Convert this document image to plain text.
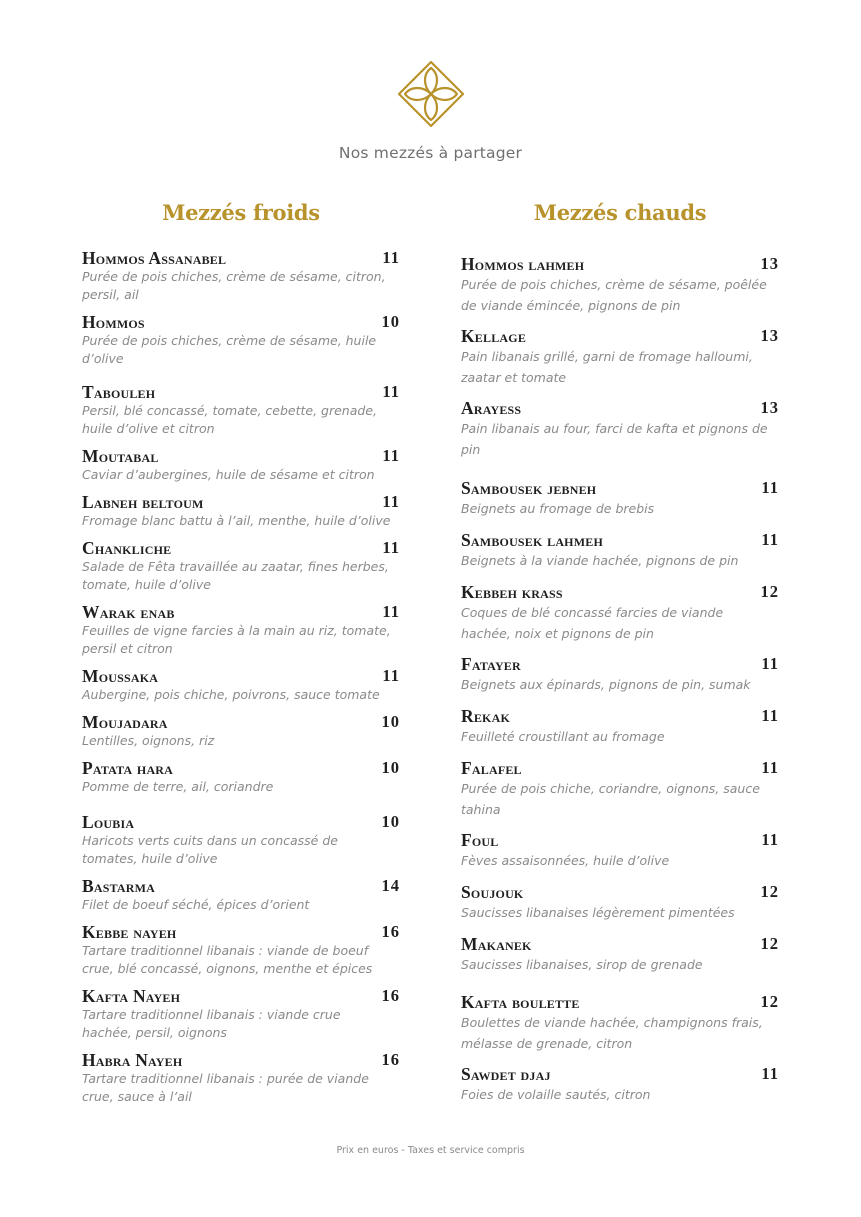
Nos mezzés à partager
Mezzés froids
Hommos Assanabel	11
Purée de pois chiches, crème de sésame, citron, persil, ail
Hommos	10
Purée de pois chiches, crème de sésame, huile d’olive
Tabouleh	11
Persil, blé concassé, tomate, cebette, grenade, huile d’olive et citron
Moutabal	11
Caviar d’aubergines, huile de sésame et citron
Labneh beltoum	11
Fromage blanc battu à l’ail, menthe, huile d’olive
Chankliche	11
Salade de Fêta travaillée au zaatar, fines herbes, tomate, huile d’olive
Warak enab	11
Feuilles de vigne farcies à la main au riz, tomate, persil et citron
Moussaka	11
Aubergine, pois chiche, poivrons, sauce tomate
Moujadara	10
Lentilles, oignons, riz
Patata hara	10
Pomme de terre, ail, coriandre
Loubia	10
Haricots verts cuits dans un concassé de tomates, huile d’olive
Bastarma	14
Filet de boeuf séché, épices d’orient
Kebbe nayeh	16
Tartare traditionnel libanais : viande de boeuf crue, blé concassé, oignons, menthe et épices
Kafta Nayeh	16
Tartare traditionnel libanais : viande crue hachée, persil, oignons
Habra Nayeh	16
Tartare traditionnel libanais : purée de viande crue, sauce à l’ail
Mezzés chauds
Hommos lahmeh	13
Purée de pois chiches, crème de sésame, poêlée de viande émincée, pignons de pin
Kellage	13
Pain libanais grillé, garni de fromage halloumi, zaatar et tomate
Arayess	13
Pain libanais au four, farci de kafta et pignons de pin
Sambousek jebneh	11
Beignets au fromage de brebis
Sambousek lahmeh	11
Beignets à la viande hachée, pignons de pin
Kebbeh krass	12
Coques de blé concassé farcies de viande hachée, noix et pignons de pin
Fatayer	11
Beignets aux épinards, pignons de pin, sumak
Rekak	11
Feuilleté croustillant au fromage
Falafel	11
Purée de pois chiche, coriandre, oignons, sauce tahina
Foul	11
Fèves assaisonnées, huile d’olive
Soujouk	12
Saucisses libanaises légèrement pimentées
Makanek	12
Saucisses libanaises, sirop de grenade
Kafta boulette	12
Boulettes de viande hachée, champignons frais, mélasse de grenade, citron
Sawdet djaj	11
Foies de volaille sautés, citron
Prix en euros - Taxes et service compris
